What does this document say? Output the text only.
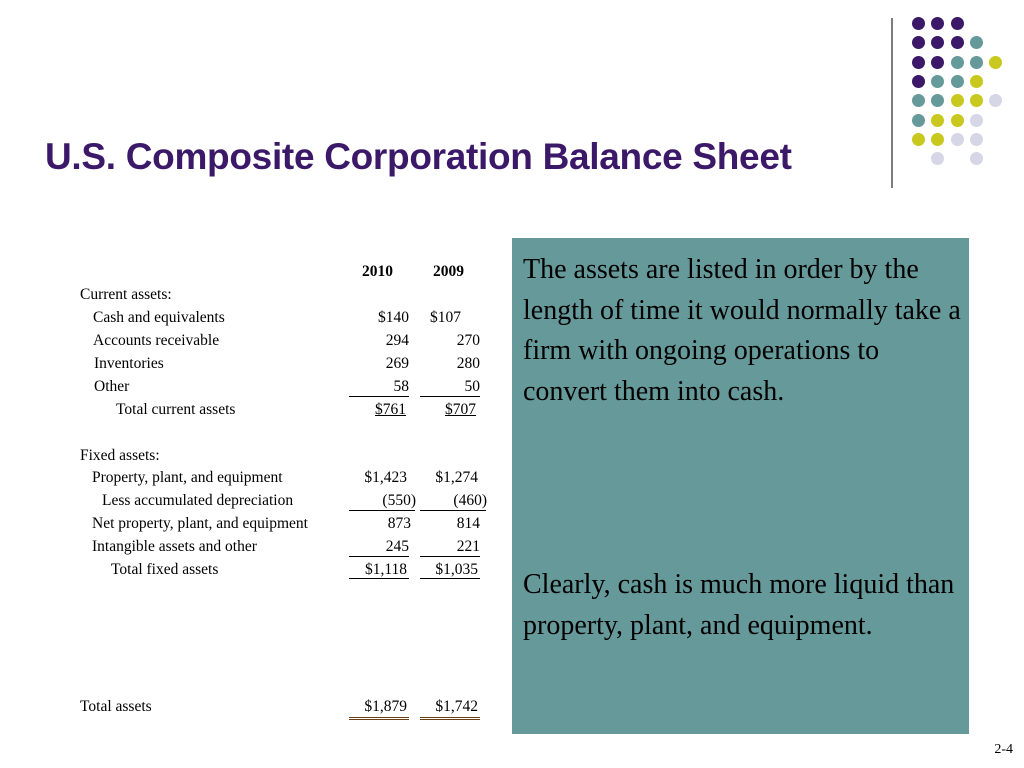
U.S. Composite Corporation Balance Sheet
2010	2009
Current assets:
Cash and equivalents	$140 $107
Accounts receivable	294	270
Inventories	269	280
Other	58	50
Total current assets	$761	$707
Fixed assets:
Property, plant, and equipment	$1,423 $1,274
Less accumulated depreciation	(550) (460)
Net property, plant, and equipment	873	814
Intangible assets and other	245	221
Total fixed assets	$1,118 $1,035
Total assets	$1,879 $1,742

The assets are listed in order by the length of time it would normally take a firm with ongoing operations to convert them into cash.

Clearly, cash is much more liquid than property, plant, and equipment.

2-4
